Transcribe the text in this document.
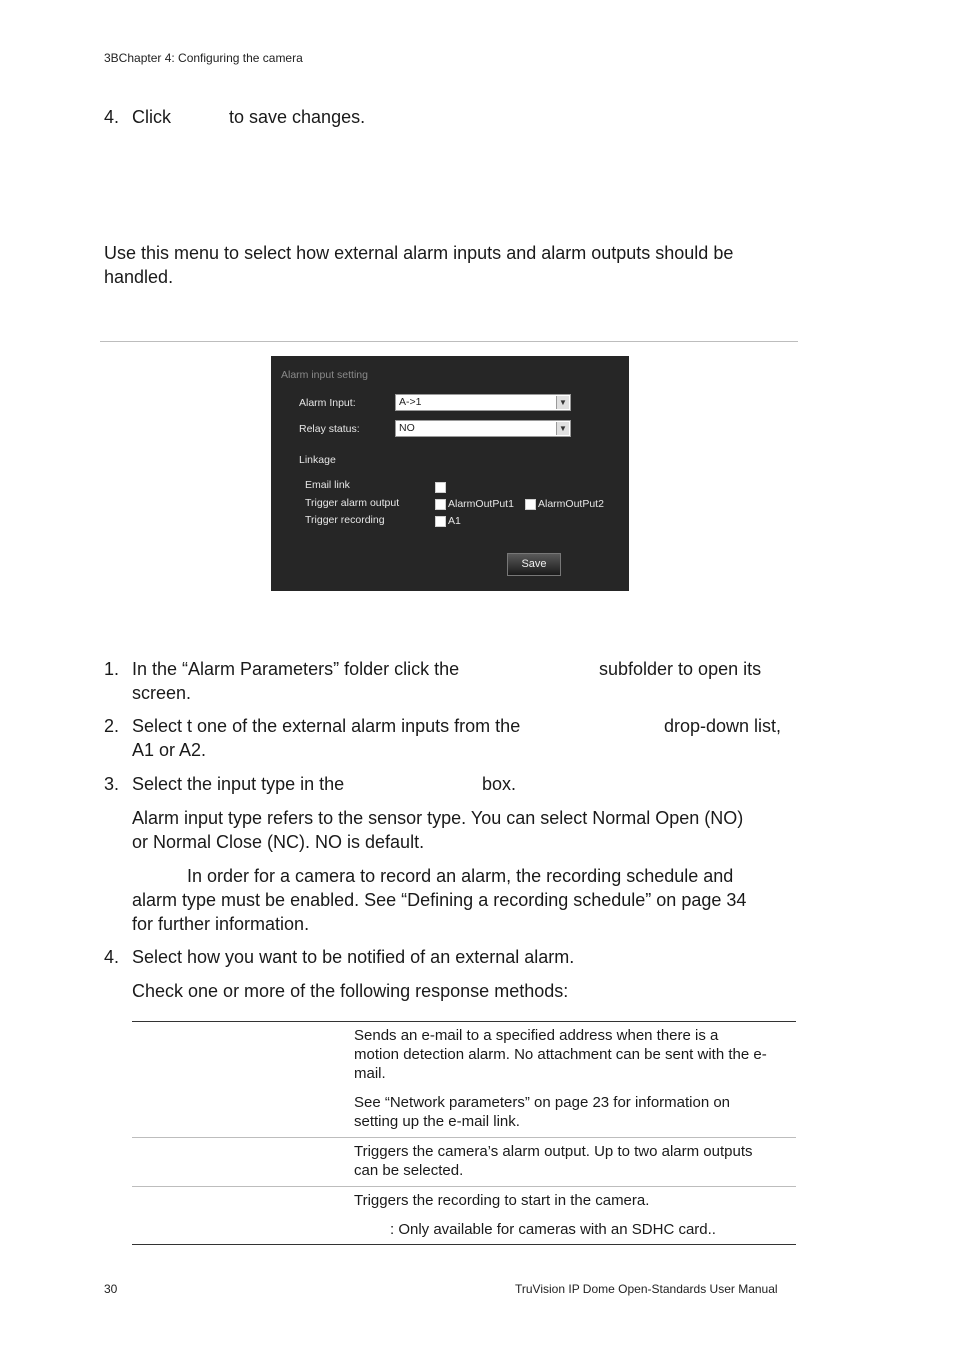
3BChapter 4: Configuring the camera
4. Click	to save changes.
Use this menu to select how external alarm inputs and alarm outputs should be
handled.
Alarm input setting
Alarm Input:	A->1	▼
Relay status:	NO	▼
Linkage
Email link
Trigger alarm output	AlarmOutPut1 AlarmOutPut2
Trigger recording	A1
Save
1. In the “Alarm Parameters” folder click the	subfolder to open its
screen.
2. Select t one of the external alarm inputs from the	drop-down list,
A1 or A2.
3. Select the input type in the	box.
Alarm input type refers to the sensor type. You can select Normal Open (NO)
or Normal Close (NC). NO is default.
In order for a camera to record an alarm, the recording schedule and
alarm type must be enabled. See “Defining a recording schedule” on page 34
for further information.
4. Select how you want to be notified of an external alarm.
Check one or more of the following response methods:
Sends an e-mail to a specified address when there is a
motion detection alarm. No attachment can be sent with the e-
mail.
See “Network parameters” on page 23 for information on
setting up the e-mail link.
Triggers the camera’s alarm output. Up to two alarm outputs
can be selected.
Triggers the recording to start in the camera.
: Only available for cameras with an SDHC card..
30	TruVision IP Dome Open-Standards User Manual
